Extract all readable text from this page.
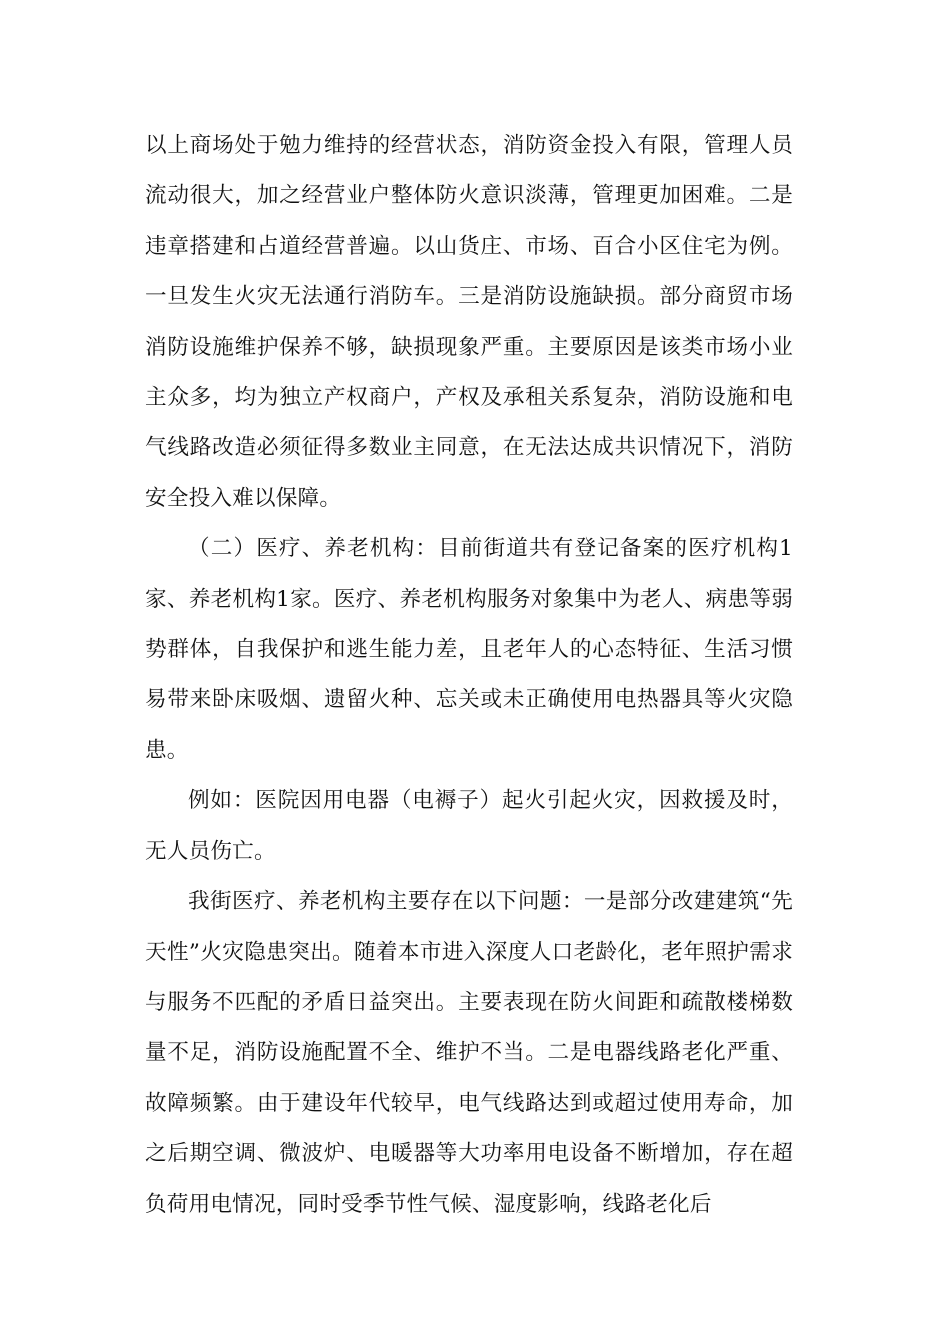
以上商场处于勉力维持的经营状态，消防资金投入有限，管理人员流动很大，加之经营业户整体防火意识淡薄，管理更加困难。二是违章搭建和占道经营普遍。以山货庄、市场、百合小区住宅为例。一旦发生火灾无法通行消防车。三是消防设施缺损。部分商贸市场消防设施维护保养不够，缺损现象严重。主要原因是该类市场小业主众多，均为独立产权商户，产权及承租关系复杂，消防设施和电气线路改造必须征得多数业主同意，在无法达成共识情况下，消防安全投入难以保障。

（二）医疗、养老机构：目前街道共有登记备案的医疗机构1家、养老机构1家。医疗、养老机构服务对象集中为老人、病患等弱势群体，自我保护和逃生能力差，且老年人的心态特征、生活习惯易带来卧床吸烟、遗留火种、忘关或未正确使用电热器具等火灾隐患。

例如：医院因用电器（电褥子）起火引起火灾，因救援及时，无人员伤亡。

我街医疗、养老机构主要存在以下问题：一是部分改建建筑“先天性”火灾隐患突出。随着本市进入深度人口老龄化，老年照护需求与服务不匹配的矛盾日益突出。主要表现在防火间距和疏散楼梯数量不足，消防设施配置不全、维护不当。二是电器线路老化严重、故障频繁。由于建设年代较早，电气线路达到或超过使用寿命，加之后期空调、微波炉、电暖器等大功率用电设备不断增加，存在超负荷用电情况，同时受季节性气候、湿度影响，线路老化后
